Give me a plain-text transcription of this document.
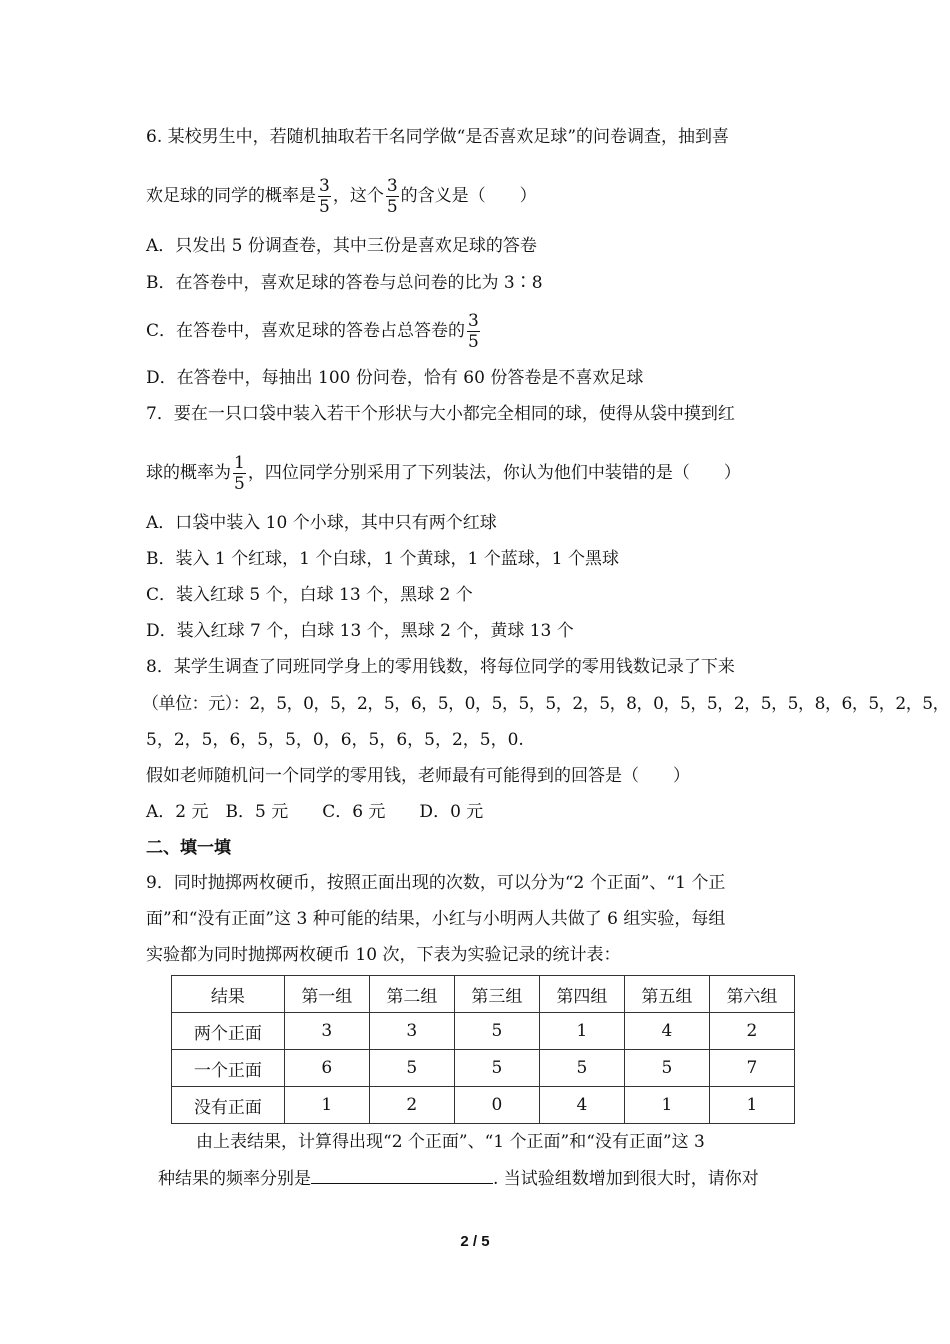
6. 某校男生中，若随机抽取若干名同学做“是否喜欢足球”的问卷调查，抽到喜
欢足球的同学的概率是 $\frac{3}{5}$ ，这个 $\frac{3}{5}$ 的含义是（　　）
A．只发出 5 份调查卷，其中三份是喜欢足球的答卷
B．在答卷中，喜欢足球的答卷与总问卷的比为 3∶8
C．在答卷中，喜欢足球的答卷占总答卷的 $\frac{3}{5}$
D．在答卷中，每抽出 100 份问卷，恰有 60 份答卷是不喜欢足球
7．要在一只口袋中装入若干个形状与大小都完全相同的球，使得从袋中摸到红
球的概率为 $\frac{1}{5}$ ，四位同学分别采用了下列装法，你认为他们中装错的是（　　）
A．口袋中装入 10 个小球，其中只有两个红球
B．装入 1 个红球，1 个白球，1 个黄球，1 个蓝球，1 个黑球
C．装入红球 5 个，白球 13 个，黑球 2 个
D．装入红球 7 个，白球 13 个，黑球 2 个，黄球 13 个
8．某学生调查了同班同学身上的零用钱数，将每位同学的零用钱数记录了下来
（单位：元）：2，5，0，5，2，5，6，5，0，5，5，5，2，5，8，0，5，5，2，5，5，8，6，5，2，5，
5，2，5，6，5，5，0，6，5，6，5，2，5，0.
假如老师随机问一个同学的零用钱，老师最有可能得到的回答是（　　）
A．2 元　B．5 元　　C．6 元　　D．0 元
二、填一填
9．同时抛掷两枚硬币，按照正面出现的次数，可以分为“2 个正面”、“1 个正
面”和“没有正面”这 3 种可能的结果，小红与小明两人共做了 6 组实验，每组
实验都为同时抛掷两枚硬币 10 次，下表为实验记录的统计表：
结果	第一组	第二组	第三组	第四组	第五组	第六组
两个正面	3	3	5	1	4	2
一个正面	6	5	5	5	5	7
没有正面	1	2	0	4	1	1
由上表结果，计算得出现“2 个正面”、“1 个正面”和“没有正面”这 3
种结果的频率分别是	. 当试验组数增加到很大时，请你对
2 / 5
